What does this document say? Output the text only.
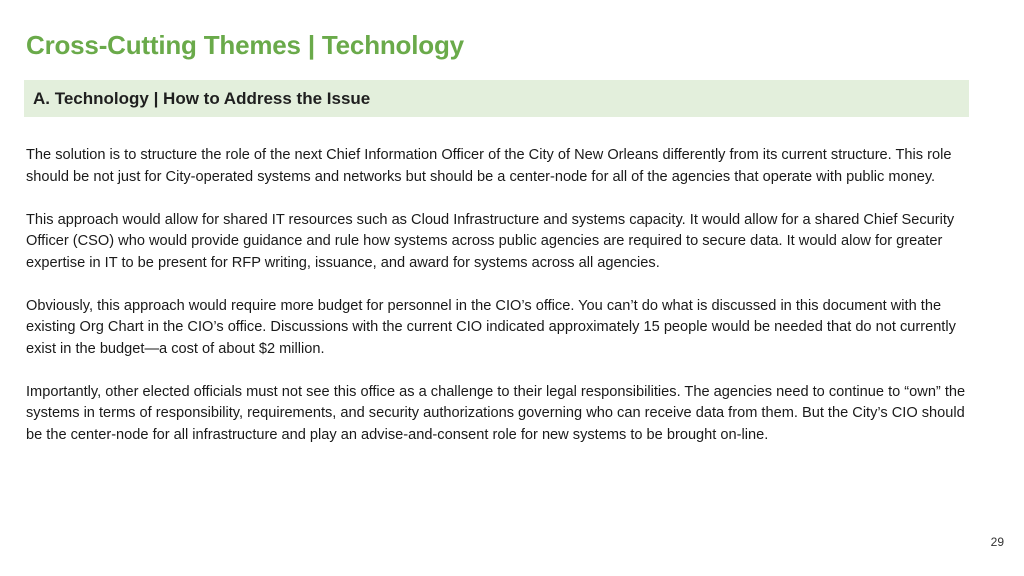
Cross-Cutting Themes | Technology
A. Technology | How to Address the Issue

The solution is to structure the role of the next Chief Information Officer of the City of New Orleans differently from its current structure. This role should be not just for City-operated systems and networks but should be a center-node for all of the agencies that operate with public money.

This approach would allow for shared IT resources such as Cloud Infrastructure and systems capacity. It would allow for a shared Chief Security Officer (CSO) who would provide guidance and rule how systems across public agencies are required to secure data. It would alow for greater expertise in IT to be present for RFP writing, issuance, and award for systems across all agencies.

Obviously, this approach would require more budget for personnel in the CIO’s office. You can’t do what is discussed in this document with the existing Org Chart in the CIO’s office. Discussions with the current CIO indicated approximately 15 people would be needed that do not currently exist in the budget—a cost of about $2 million.

Importantly, other elected officials must not see this office as a challenge to their legal responsibilities. The agencies need to continue to “own” the systems in terms of responsibility, requirements, and security authorizations governing who can receive data from them. But the City’s CIO should be the center-node for all infrastructure and play an advise-and-consent role for new systems to be brought on-line.

29
